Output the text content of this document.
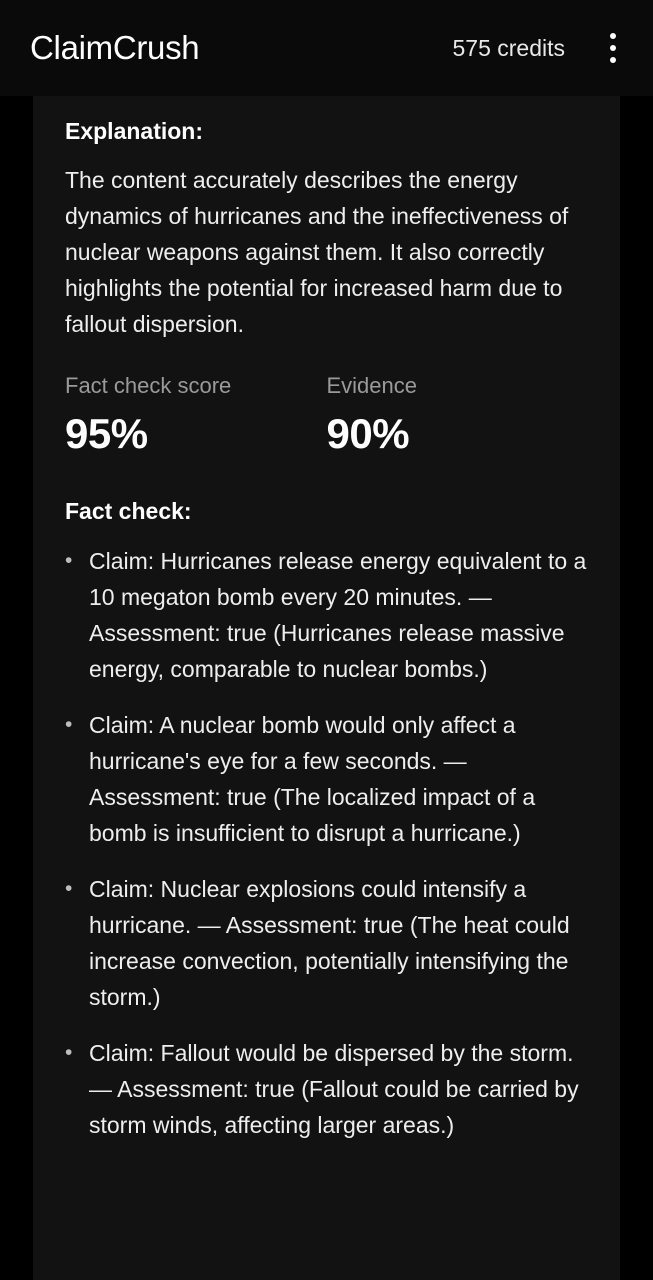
ClaimCrush	575 credits
Explanation:
The content accurately describes the energy dynamics of hurricanes and the ineffectiveness of nuclear weapons against them. It also correctly highlights the potential for increased harm due to fallout dispersion.
Fact check score
95%
Evidence
90%
Fact check:
• Claim: Hurricanes release energy equivalent to a 10 megaton bomb every 20 minutes. — Assessment: true (Hurricanes release massive energy, comparable to nuclear bombs.)
• Claim: A nuclear bomb would only affect a hurricane's eye for a few seconds. — Assessment: true (The localized impact of a bomb is insufficient to disrupt a hurricane.)
• Claim: Nuclear explosions could intensify a hurricane. — Assessment: true (The heat could increase convection, potentially intensifying the storm.)
• Claim: Fallout would be dispersed by the storm. — Assessment: true (Fallout could be carried by storm winds, affecting larger areas.)
